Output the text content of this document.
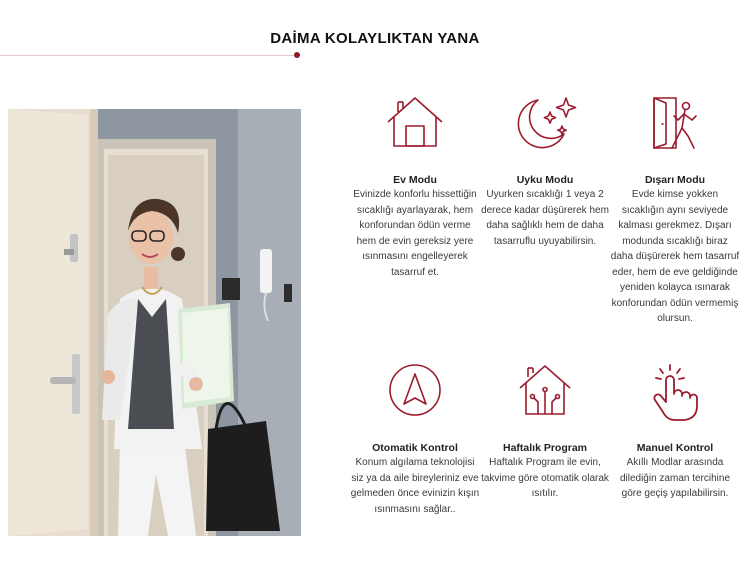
DAİMA KOLAYLIKTAN YANA
Ev Modu
Evinizde konforlu hissettiğin sıcaklığı ayarlayarak, hem konforundan ödün verme hem de evin gereksiz yere ısınmasını engelleyerek tasarruf et.
Uyku Modu
Uyurken sıcaklığı 1 veya 2 derece kadar düşürerek hem daha sağlıklı hem de daha tasarruflu uyuyabilirsin.
Dışarı Modu
Evde kimse yokken sıcaklığın aynı seviyede kalması gerekmez. Dışarı modunda sıcaklığı biraz daha düşürerek hem tasarruf eder, hem de eve geldiğinde yeniden kolayca ısınarak konforundan ödün vermemiş olursun.
Otomatik Kontrol
Konum algılama teknolojisi siz ya da aile bireyleriniz eve gelmeden önce evinizin kışın ısınmasını sağlar..
Haftalık Program
Haftalık Program ile evin, takvime göre otomatik olarak ısıtılır.
Manuel Kontrol
Akıllı Modlar arasında dilediğin zaman tercihine göre geçiş yapılabilirsin.
